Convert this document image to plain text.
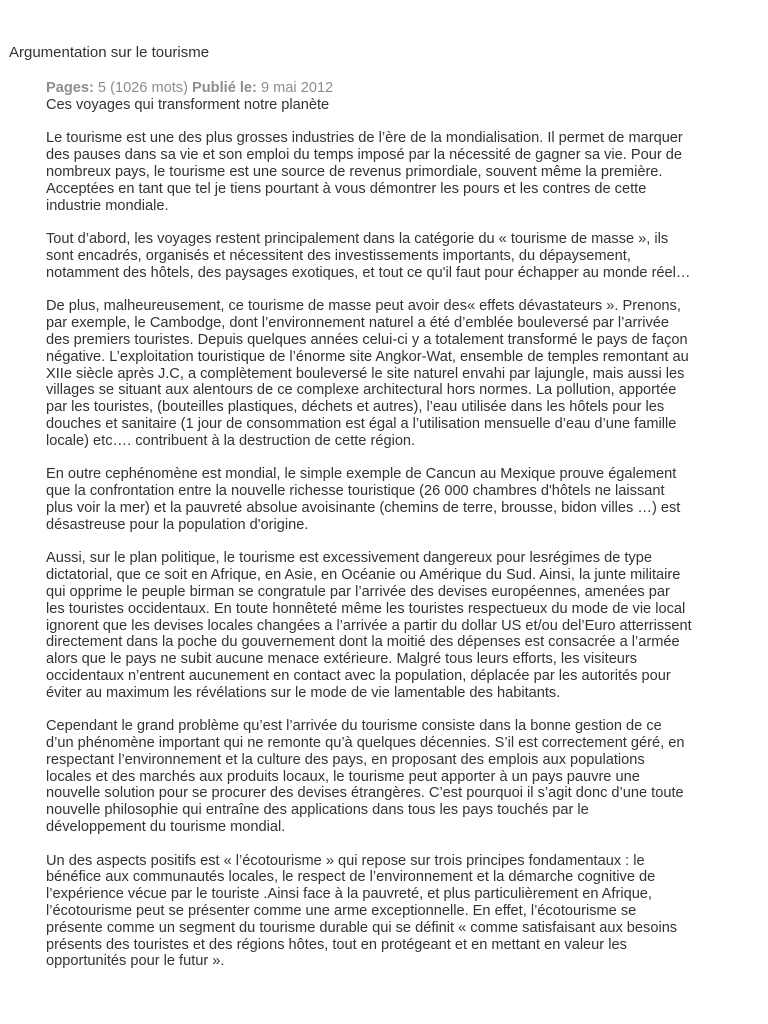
Argumentation sur le tourisme
Pages: 5 (1026 mots) Publié le: 9 mai 2012
Ces voyages qui transforment notre planète
Le tourisme est une des plus grosses industries de l’ère de la mondialisation. Il permet de marquer
des pauses dans sa vie et son emploi du temps imposé par la nécessité de gagner sa vie. Pour de
nombreux pays, le tourisme est une source de revenus primordiale, souvent même la première.
Acceptées en tant que tel je tiens pourtant à vous démontrer les pours et les contres de cette
industrie mondiale.
Tout d’abord, les voyages restent principalement dans la catégorie du « tourisme de masse », ils
sont encadrés, organisés et nécessitent des investissements importants, du dépaysement,
notamment des hôtels, des paysages exotiques, et tout ce qu'il faut pour échapper au monde réel…
De plus, malheureusement, ce tourisme de masse peut avoir des« effets dévastateurs ». Prenons,
par exemple, le Cambodge, dont l’environnement naturel a été d’emblée bouleversé par l’arrivée
des premiers touristes. Depuis quelques années celui-ci y a totalement transformé le pays de façon
négative. L’exploitation touristique de l’énorme site Angkor-Wat, ensemble de temples remontant au
XIIe siècle après J.C, a complètement bouleversé le site naturel envahi par lajungle, mais aussi les
villages se situant aux alentours de ce complexe architectural hors normes. La pollution, apportée
par les touristes, (bouteilles plastiques, déchets et autres), l’eau utilisée dans les hôtels pour les
douches et sanitaire (1 jour de consommation est égal a l’utilisation mensuelle d’eau d’une famille
locale) etc…. contribuent à la destruction de cette région.
En outre cephénomène est mondial, le simple exemple de Cancun au Mexique prouve également
que la confrontation entre la nouvelle richesse touristique (26 000 chambres d'hôtels ne laissant
plus voir la mer) et la pauvreté absolue avoisinante (chemins de terre, brousse, bidon villes …) est
désastreuse pour la population d'origine.
Aussi, sur le plan politique, le tourisme est excessivement dangereux pour lesrégimes de type
dictatorial, que ce soit en Afrique, en Asie, en Océanie ou Amérique du Sud. Ainsi, la junte militaire
qui opprime le peuple birman se congratule par l’arrivée des devises européennes, amenées par
les touristes occidentaux. En toute honnêteté même les touristes respectueux du mode de vie local
ignorent que les devises locales changées a l’arrivée a partir du dollar US et/ou del’Euro atterrissent
directement dans la poche du gouvernement dont la moitié des dépenses est consacrée a l’armée
alors que le pays ne subit aucune menace extérieure. Malgré tous leurs efforts, les visiteurs
occidentaux n’entrent aucunement en contact avec la population, déplacée par les autorités pour
éviter au maximum les révélations sur le mode de vie lamentable des habitants.
Cependant le grand problème qu’est l’arrivée du tourisme consiste dans la bonne gestion de ce
d’un phénomène important qui ne remonte qu’à quelques décennies. S’il est correctement géré, en
respectant l’environnement et la culture des pays, en proposant des emplois aux populations
locales et des marchés aux produits locaux, le tourisme peut apporter à un pays pauvre une
nouvelle solution pour se procurer des devises étrangères. C’est pourquoi il s’agit donc d’une toute
nouvelle philosophie qui entraîne des applications dans tous les pays touchés par le
développement du tourisme mondial.
Un des aspects positifs est « l’écotourisme » qui repose sur trois principes fondamentaux : le
bénéfice aux communautés locales, le respect de l’environnement et la démarche cognitive de
l’expérience vécue par le touriste .Ainsi face à la pauvreté, et plus particulièrement en Afrique,
l’écotourisme peut se présenter comme une arme exceptionnelle. En effet, l’écotourisme se
présente comme un segment du tourisme durable qui se définit « comme satisfaisant aux besoins
présents des touristes et des régions hôtes, tout en protégeant et en mettant en valeur les
opportunités pour le futur ».
